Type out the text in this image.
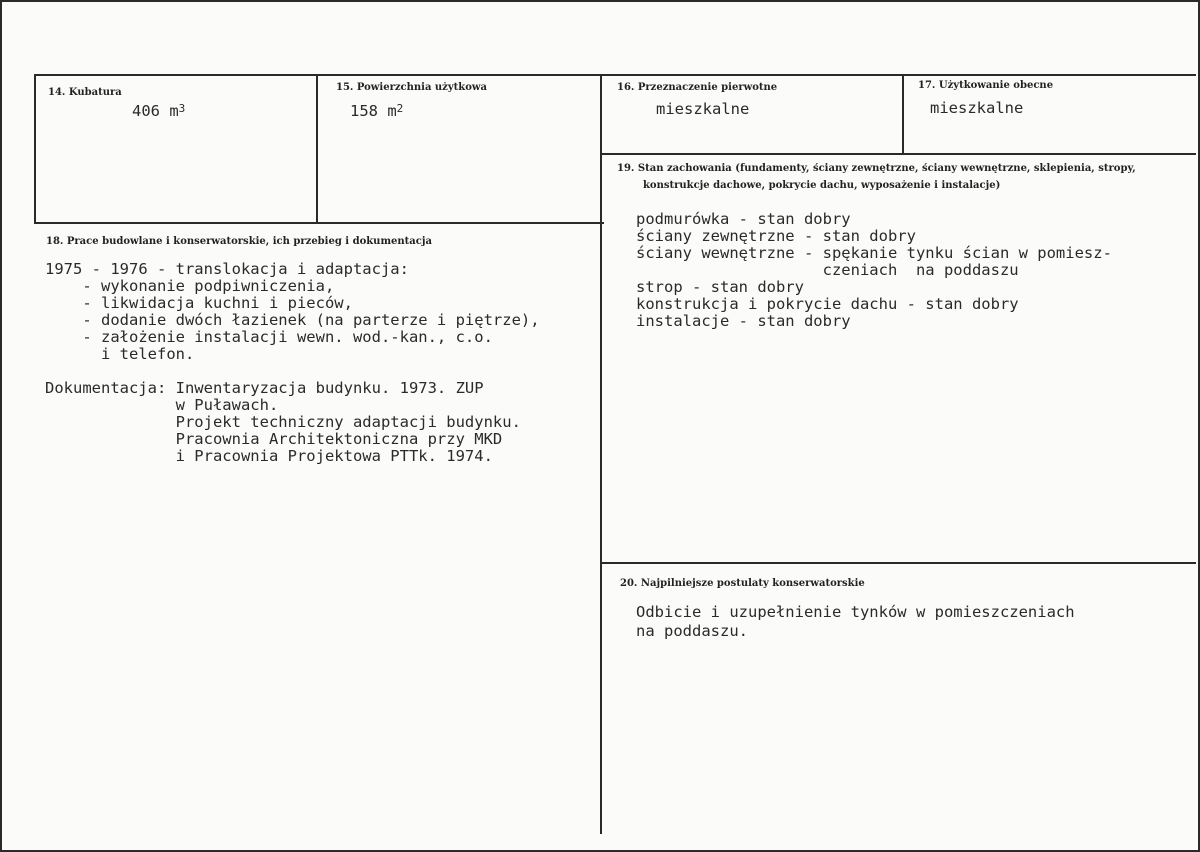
14. Kubatura
406 $m^3$
15. Powierzchnia użytkowa
158 $m^2$
16. Przeznaczenie pierwotne
mieszkalne
17. Użytkowanie obecne
mieszkalne
18. Prace budowlane i konserwatorskie, ich przebieg i dokumentacja
1975 - 1976 - translokacja i adaptacja:
- wykonanie podpiwniczenia,
- likwidacja kuchni i pieców,
- dodanie dwóch łazienek (na parterze i piętrze),
- założenie instalacji wewn. wod.-kan., c.o.
i telefon.
Dokumentacja: Inwentaryzacja budynku. 1973. ZUP
w Puławach.
Projekt techniczny adaptacji budynku.
Pracownia Architektoniczna przy MKD
i Pracownia Projektowa PTTk. 1974.
19. Stan zachowania (fundamenty, ściany zewnętrzne, ściany wewnętrzne, sklepienia, stropy,
konstrukcje dachowe, pokrycie dachu, wyposażenie i instalacje)
podmurówka - stan dobry
ściany zewnętrzne - stan dobry
ściany wewnętrzne - spękanie tynku ścian w pomiesz-
czeniach  na poddaszu
strop - stan dobry
konstrukcja i pokrycie dachu - stan dobry
instalacje - stan dobry
20. Najpilniejsze postulaty konserwatorskie
Odbicie i uzupełnienie tynków w pomieszczeniach
na poddaszu.
